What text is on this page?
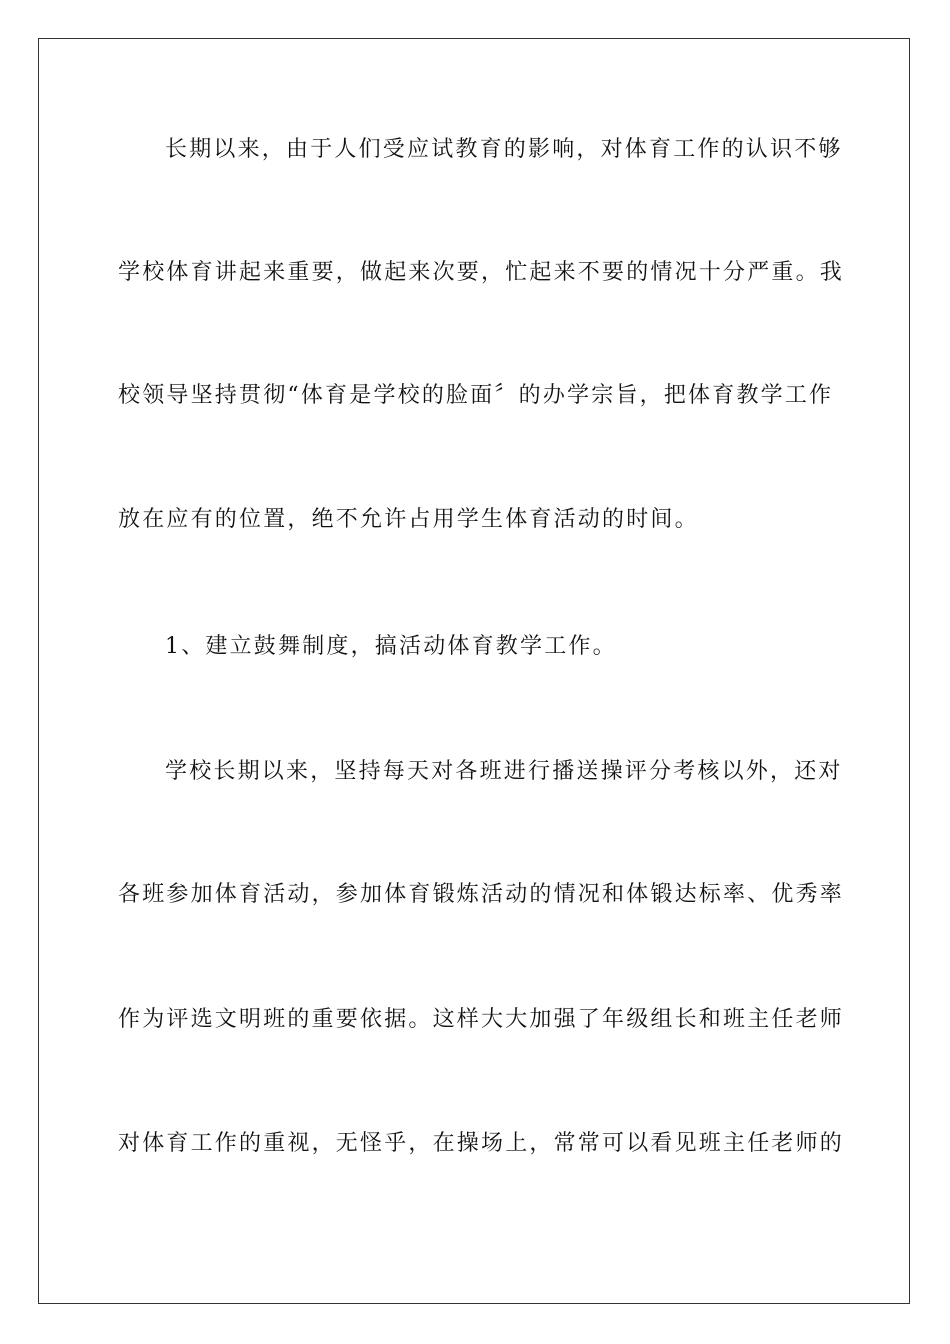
长期以来，由于人们受应试教育的影响，对体育工作的认识不够
学校体育讲起来重要，做起来次要，忙起来不要的情况十分严重。我
校领导坚持贯彻“体育是学校的脸面〞的办学宗旨，把体育教学工作
放在应有的位置，绝不允许占用学生体育活动的时间。
1、建立鼓舞制度，搞活动体育教学工作。
学校长期以来，坚持每天对各班进行播送操评分考核以外，还对
各班参加体育活动，参加体育锻炼活动的情况和体锻达标率、优秀率
作为评选文明班的重要依据。这样大大加强了年级组长和班主任老师
对体育工作的重视，无怪乎，在操场上，常常可以看见班主任老师的
